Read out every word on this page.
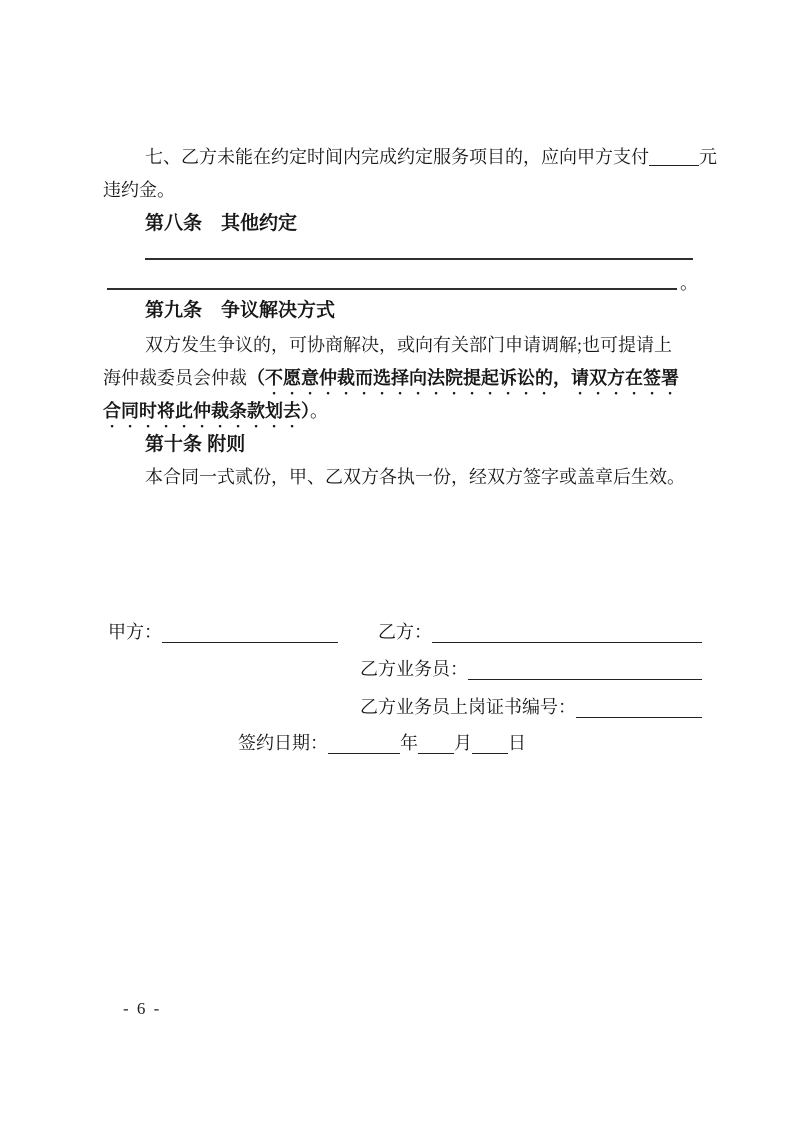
七、乙方未能在约定时间内完成约定服务项目的，应向甲方支付	元

违约金。

第八条　其他约定
。
第九条　争议解决方式

双方发生争议的，可协商解决，或向有关部门申请调解;也可提请上

海仲裁委员会仲裁（不愿意仲裁而选择向法院提起诉讼的，请双方在签署

合同时将此仲裁条款划去）。

第十条 附则

本合同一式贰份，甲、乙双方各执一份，经双方签字或盖章后生效。

甲方：	乙方：
乙方业务员：
乙方业务员上岗证书编号：
签约日期：	年 月 日
- 6 -
